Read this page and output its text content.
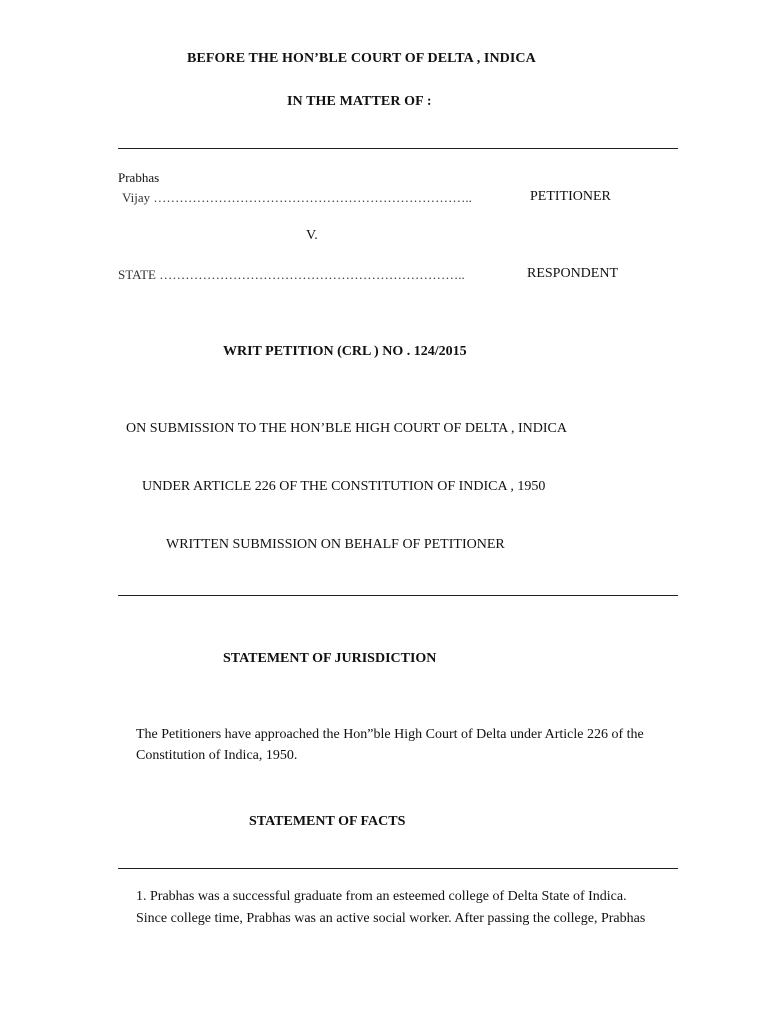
BEFORE THE HON’BLE COURT OF DELTA , INDICA
IN THE MATTER OF :
Prabhas
Vijay ………………………………………………………………..	PETITIONER
V.
STATE ……………………………………………………………..	RESPONDENT
WRIT PETITION (CRL ) NO . 124/2015
ON SUBMISSION TO THE HON’BLE HIGH COURT OF DELTA , INDICA
UNDER ARTICLE 226 OF THE CONSTITUTION OF INDICA , 1950
WRITTEN SUBMISSION ON BEHALF OF PETITIONER
STATEMENT OF JURISDICTION
The Petitioners have approached the Hon”ble High Court of Delta under Article 226 of the
Constitution of Indica, 1950.
STATEMENT OF FACTS
1. Prabhas was a successful graduate from an esteemed college of Delta State of Indica.
Since college time, Prabhas was an active social worker. After passing the college, Prabhas
